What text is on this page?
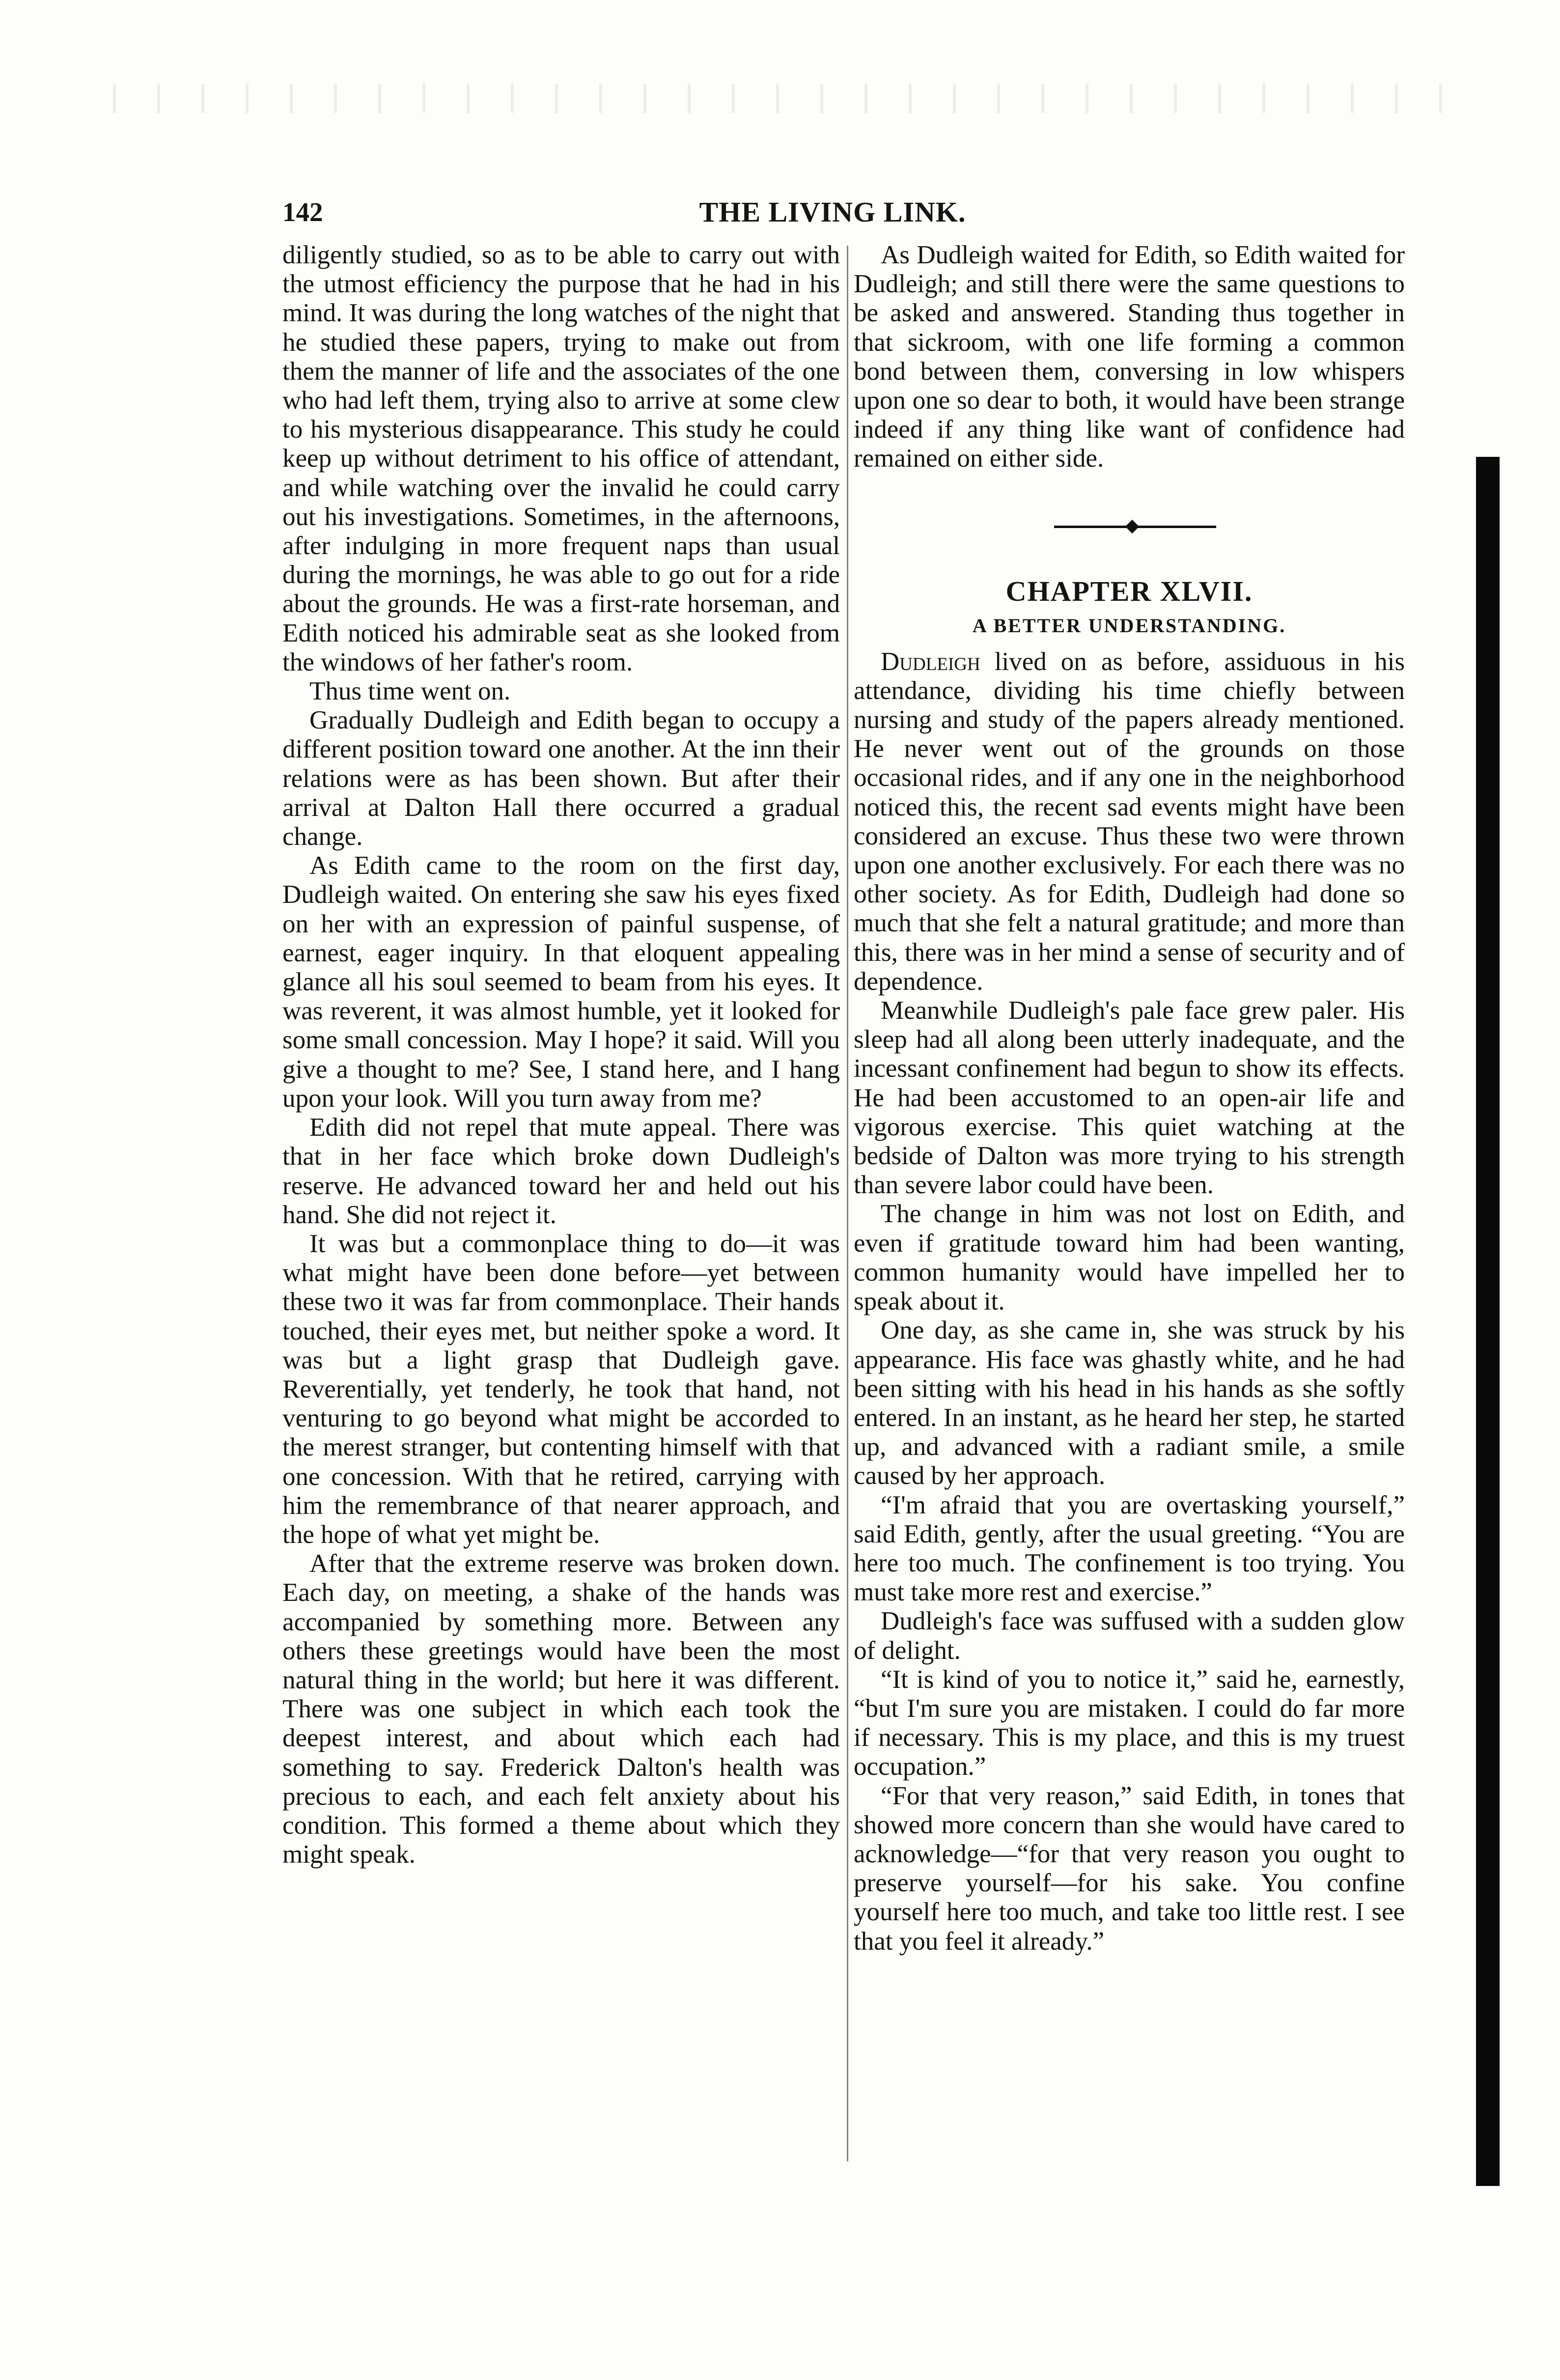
142	THE LIVING LINK.

diligently studied, so as to be able to carry out with the utmost efficiency the purpose that he had in his mind. It was during the long watches of the night that he studied these papers, trying to make out from them the manner of life and the associates of the one who had left them, trying also to arrive at some clew to his mysterious disappearance. This study he could keep up without detriment to his office of attendant, and while watching over the invalid he could carry out his investigations. Sometimes, in the afternoons, after indulging in more frequent naps than usual during the mornings, he was able to go out for a ride about the grounds. He was a first-rate horseman, and Edith noticed his admirable seat as she looked from the windows of her father's room.

Thus time went on.

Gradually Dudleigh and Edith began to occupy a different position toward one another. At the inn their relations were as has been shown. But after their arrival at Dalton Hall there occurred a gradual change.

As Edith came to the room on the first day, Dudleigh waited. On entering she saw his eyes fixed on her with an expression of painful suspense, of earnest, eager inquiry. In that eloquent appealing glance all his soul seemed to beam from his eyes. It was reverent, it was almost humble, yet it looked for some small concession. May I hope? it said. Will you give a thought to me? See, I stand here, and I hang upon your look. Will you turn away from me?

Edith did not repel that mute appeal. There was that in her face which broke down Dudleigh's reserve. He advanced toward her and held out his hand. She did not reject it.

It was but a commonplace thing to do—it was what might have been done before—yet between these two it was far from commonplace. Their hands touched, their eyes met, but neither spoke a word. It was but a light grasp that Dudleigh gave. Reverentially, yet tenderly, he took that hand, not venturing to go beyond what might be accorded to the merest stranger, but contenting himself with that one concession. With that he retired, carrying with him the remembrance of that nearer approach, and the hope of what yet might be.

After that the extreme reserve was broken down. Each day, on meeting, a shake of the hands was accompanied by something more. Between any others these greetings would have been the most natural thing in the world; but here it was different. There was one subject in which each took the deepest interest, and about which each had something to say. Frederick Dalton's health was precious to each, and each felt anxiety about his condition. This formed a theme about which they might speak.

As Dudleigh waited for Edith, so Edith waited for Dudleigh; and still there were the same questions to be asked and answered. Standing thus together in that sickroom, with one life forming a common bond between them, conversing in low whispers upon one so dear to both, it would have been strange indeed if any thing like want of confidence had remained on either side.

CHAPTER XLVII.
A BETTER UNDERSTANDING.

Dudleigh lived on as before, assiduous in his attendance, dividing his time chiefly between nursing and study of the papers already mentioned. He never went out of the grounds on those occasional rides, and if any one in the neighborhood noticed this, the recent sad events might have been considered an excuse. Thus these two were thrown upon one another exclusively. For each there was no other society. As for Edith, Dudleigh had done so much that she felt a natural gratitude; and more than this, there was in her mind a sense of security and of dependence.

Meanwhile Dudleigh's pale face grew paler. His sleep had all along been utterly inadequate, and the incessant confinement had begun to show its effects. He had been accustomed to an open-air life and vigorous exercise. This quiet watching at the bedside of Dalton was more trying to his strength than severe labor could have been.

The change in him was not lost on Edith, and even if gratitude toward him had been wanting, common humanity would have impelled her to speak about it.

One day, as she came in, she was struck by his appearance. His face was ghastly white, and he had been sitting with his head in his hands as she softly entered. In an instant, as he heard her step, he started up, and advanced with a radiant smile, a smile caused by her approach.

“I'm afraid that you are overtasking yourself,” said Edith, gently, after the usual greeting. “You are here too much. The confinement is too trying. You must take more rest and exercise.”

Dudleigh's face was suffused with a sudden glow of delight.

“It is kind of you to notice it,” said he, earnestly, “but I'm sure you are mistaken. I could do far more if necessary. This is my place, and this is my truest occupation.”

“For that very reason,” said Edith, in tones that showed more concern than she would have cared to acknowledge—“for that very reason you ought to preserve yourself—for his sake. You confine yourself here too much, and take too little rest. I see that you feel it already.”
